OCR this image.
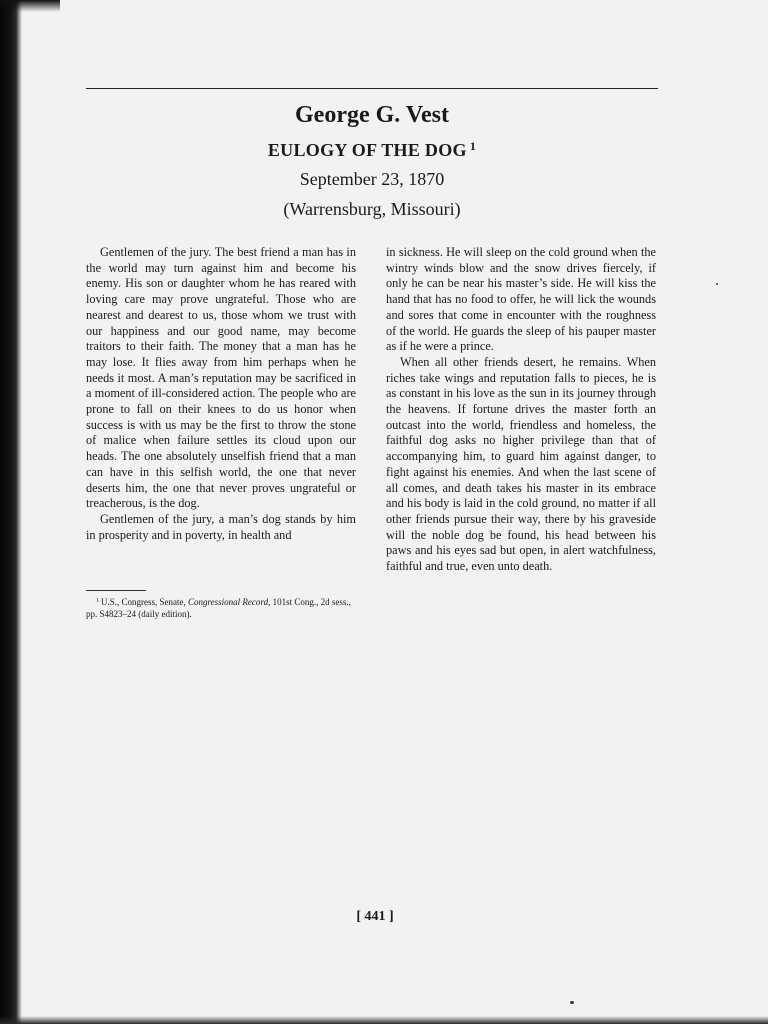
George G. Vest
EULOGY OF THE DOG $^1$

September 23, 1870

(Warrensburg, Missouri)

Gentlemen of the jury. The best friend a man has in the world may turn against him and become his enemy. His son or daughter whom he has reared with loving care may prove ungrateful. Those who are nearest and dearest to us, those whom we trust with our happiness and our good name, may become traitors to their faith. The money that a man has he may lose. It flies away from him perhaps when he needs it most. A man’s reputation may be sacrificed in a moment of ill-considered action. The people who are prone to fall on their knees to do us honor when success is with us may be the first to throw the stone of malice when failure settles its cloud upon our heads. The one absolutely unselfish friend that a man can have in this selfish world, the one that never deserts him, the one that never proves ungrateful or treacherous, is the dog.

Gentlemen of the jury, a man’s dog stands by him in prosperity and in poverty, in health and

$^1$ U.S., Congress, Senate, Congressional Record, 101st Cong., 2d sess., pp. S4823–24 (daily edition).

in sickness. He will sleep on the cold ground when the wintry winds blow and the snow drives fiercely, if only he can be near his master’s side. He will kiss the hand that has no food to offer, he will lick the wounds and sores that come in encounter with the roughness of the world. He guards the sleep of his pauper master as if he were a prince.

When all other friends desert, he remains. When riches take wings and reputation falls to pieces, he is as constant in his love as the sun in its journey through the heavens. If fortune drives the master forth an outcast into the world, friendless and homeless, the faithful dog asks no higher privilege than that of accompanying him, to guard him against danger, to fight against his enemies. And when the last scene of all comes, and death takes his master in its embrace and his body is laid in the cold ground, no matter if all other friends pursue their way, there by his graveside will the noble dog be found, his head between his paws and his eyes sad but open, in alert watchfulness, faithful and true, even unto death.

[ 441 ]
